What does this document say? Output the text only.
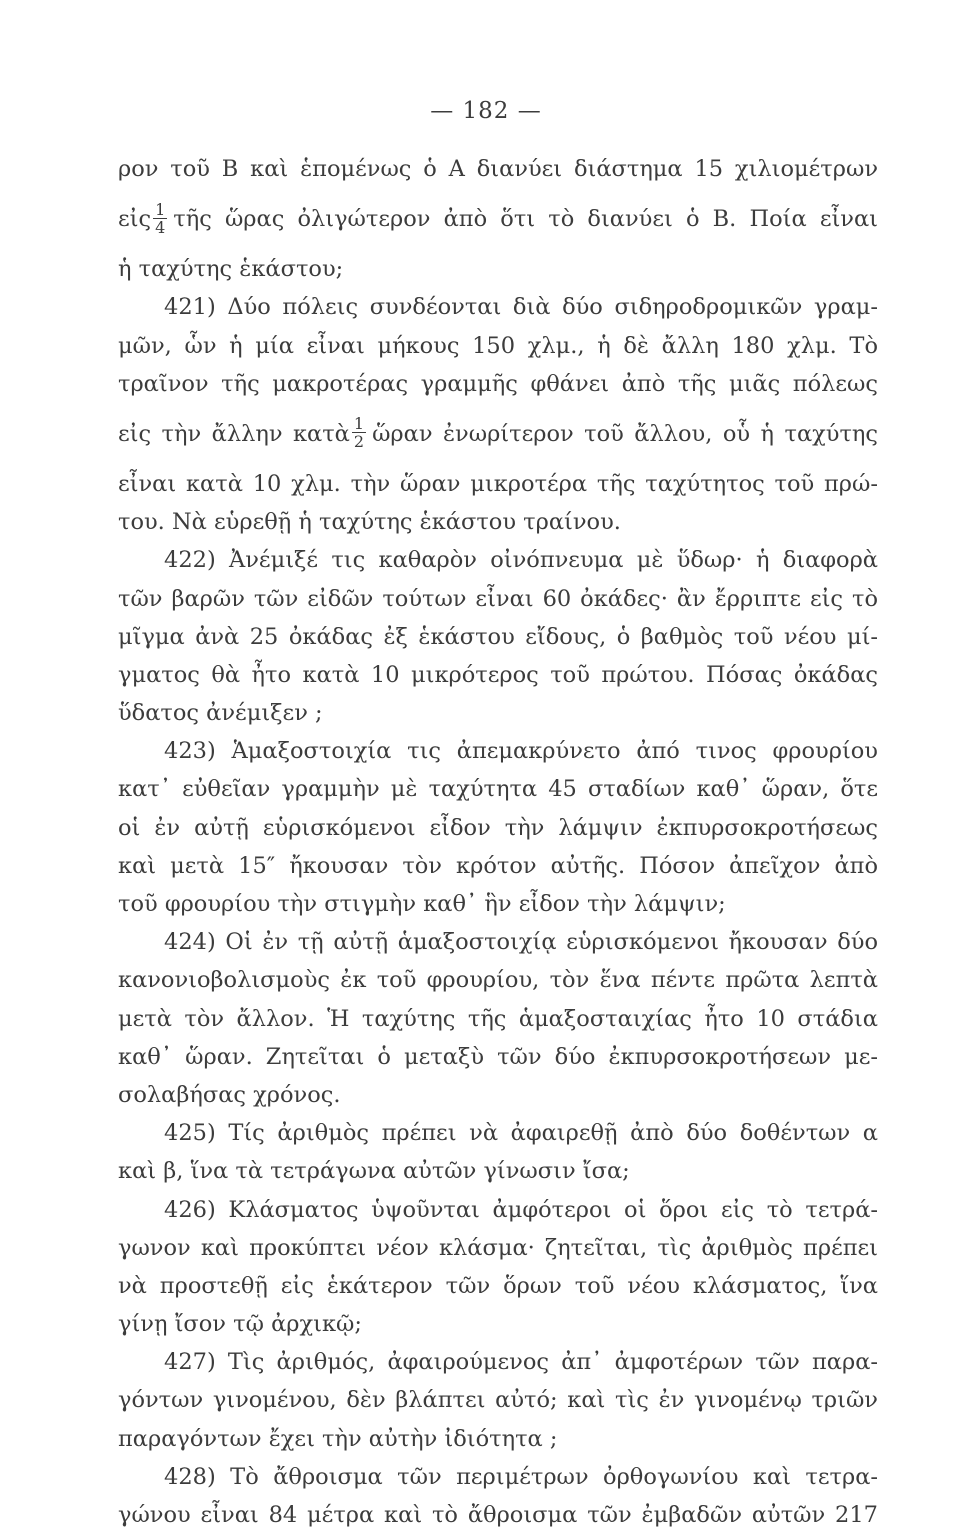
— 182 —
ρον τοῦ Β καὶ ἑπομένως ὁ Α διανύει διάστημα 15 χιλιομέτρων
εἰς $\frac{1}{4}$ τῆς ὥρας ὀλιγώτερον ἀπὸ ὅτι τὸ διανύει ὁ Β. Ποία εἶναι
ἡ ταχύτης ἑκάστου;
421) Δύο πόλεις συνδέονται διὰ δύο σιδηροδρομικῶν γραμ-
μῶν, ὧν ἡ μία εἶναι μήκους 150 χλμ., ἡ δὲ ἄλλη 180 χλμ. Τὸ
τραῖνον τῆς μακροτέρας γραμμῆς φθάνει ἀπὸ τῆς μιᾶς πόλεως
εἰς τὴν ἄλλην κατὰ $\frac{1}{2}$ ὥραν ἐνωρίτερον τοῦ ἄλλου, οὗ ἡ ταχύτης
εἶναι κατὰ 10 χλμ. τὴν ὥραν μικροτέρα τῆς ταχύτητος τοῦ πρώ-
του. Νὰ εὑρεθῇ ἡ ταχύτης ἑκάστου τραίνου.
422) Ἀνέμιξέ τις καθαρὸν οἰνόπνευμα μὲ ὕδωρ· ἡ διαφορὰ
τῶν βαρῶν τῶν εἰδῶν τούτων εἶναι 60 ὀκάδες· ἂν ἔρριπτε εἰς τὸ
μῖγμα ἀνὰ 25 ὀκάδας ἐξ ἑκάστου εἴδους, ὁ βαθμὸς τοῦ νέου μί-
γματος θὰ ἦτο κατὰ 10 μικρότερος τοῦ πρώτου. Πόσας ὀκάδας
ὕδατος ἀνέμιξεν ;
423) Ἁμαξοστοιχία τις ἀπεμακρύνετο ἀπό τινος φρουρίου
κατ᾽ εὐθεῖαν γραμμὴν μὲ ταχύτητα 45 σταδίων καθ᾽ ὥραν, ὅτε
οἱ ἐν αὐτῇ εὑρισκόμενοι εἶδον τὴν λάμψιν ἐκπυρσοκροτήσεως
καὶ μετὰ 15″ ἤκουσαν τὸν κρότον αὐτῆς. Πόσον ἀπεῖχον ἀπὸ
τοῦ φρουρίου τὴν στιγμὴν καθ᾽ ἣν εἶδον τὴν λάμψιν;
424) Οἱ ἐν τῇ αὐτῇ ἁμαξοστοιχίᾳ εὑρισκόμενοι ἤκουσαν δύο
κανονιοβολισμοὺς ἐκ τοῦ φρουρίου, τὸν ἕνα πέντε πρῶτα λεπτὰ
μετὰ τὸν ἄλλον. Ἡ ταχύτης τῆς ἁμαξοσταιχίας ἦτο 10 στάδια
καθ᾽ ὥραν. Ζητεῖται ὁ μεταξὺ τῶν δύο ἐκπυρσοκροτήσεων με-
σολαβήσας χρόνος.
425) Τίς ἀριθμὸς πρέπει νὰ ἀφαιρεθῇ ἀπὸ δύο δοθέντων α
καὶ β, ἵνα τὰ τετράγωνα αὐτῶν γίνωσιν ἴσα;
426) Κλάσματος ὑψοῦνται ἀμφότεροι οἱ ὅροι εἰς τὸ τετρά-
γωνον καὶ προκύπτει νέον κλάσμα· ζητεῖται, τὶς ἀριθμὸς πρέπει
νὰ προστεθῇ εἰς ἑκάτερον τῶν ὅρων τοῦ νέου κλάσματος, ἵνα
γίνῃ ἴσον τῷ ἀρχικῷ;
427) Τὶς ἀριθμός, ἀφαιρούμενος ἀπ᾽ ἀμφοτέρων τῶν παρα-
γόντων γινομένου, δὲν βλάπτει αὐτό; καὶ τὶς ἐν γινομένῳ τριῶν
παραγόντων ἔχει τὴν αὐτὴν ἰδιότητα ;
428) Τὸ ἄθροισμα τῶν περιμέτρων ὀρθογωνίου καὶ τετρα-
γώνου εἶναι 84 μέτρα καὶ τὸ ἄθροισμα τῶν ἐμβαδῶν αὐτῶν 217
